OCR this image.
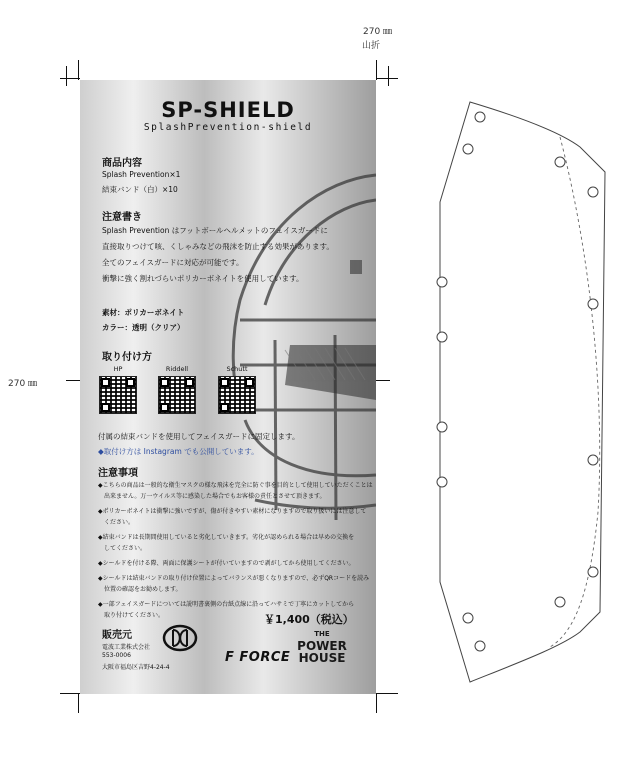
270 ㎜
山折
270 ㎜
SP-SHIELD
SplashPrevention-shield
商品内容
Splash Prevention×1
結束バンド（白）×10
注意書き
Splash Prevention はフットボールヘルメットのフェイスガードに
直接取りつけて咳、くしゃみなどの飛沫を防止する効果があります。
全てのフェイスガードに対応が可能です。
衝撃に強く割れづらいポリカーボネイトを使用しています。
素材：ポリカーボネイト
カラー：透明（クリア）
取り付け方
HP	Riddell	Schutt
付属の結束バンドを使用してフェイスガードに固定します。
◆取付け方は Instagram でも公開しています。
注意事項
◆こちらの商品は一般的な衛生マスクの様な飛沫を完全に防ぐ事を目的として使用していただくことは
　出来ません。万一ウイルス等に感染した場合でもお客様の責任とさせて頂きます。
◆ポリカーボネイトは衝撃に強いですが、傷が付きやすい素材になりますので取り扱いには注意して
　ください。
◆結束バンドは長期間使用していると劣化していきます。劣化が認められる場合は早めの交換を
　してください。
◆シールドを付ける際、両面に保護シートが付いていますので剥がしてから使用してください。
◆シールドは結束バンドの取り付け位置によってバランスが悪くなりますので、必ずQRコードを読み
　位置の確認をお勧めします。
◆一部フェイスガードについては説明書裏側の台紙点線に沿ってハサミで丁寧にカットしてから
　取り付けてください。	￥1,400（税込）
販売元
電波工業株式会社
553-0006
大阪市福島区吉野4-24-4
F FORCE
THE
POWER
HOUSE
